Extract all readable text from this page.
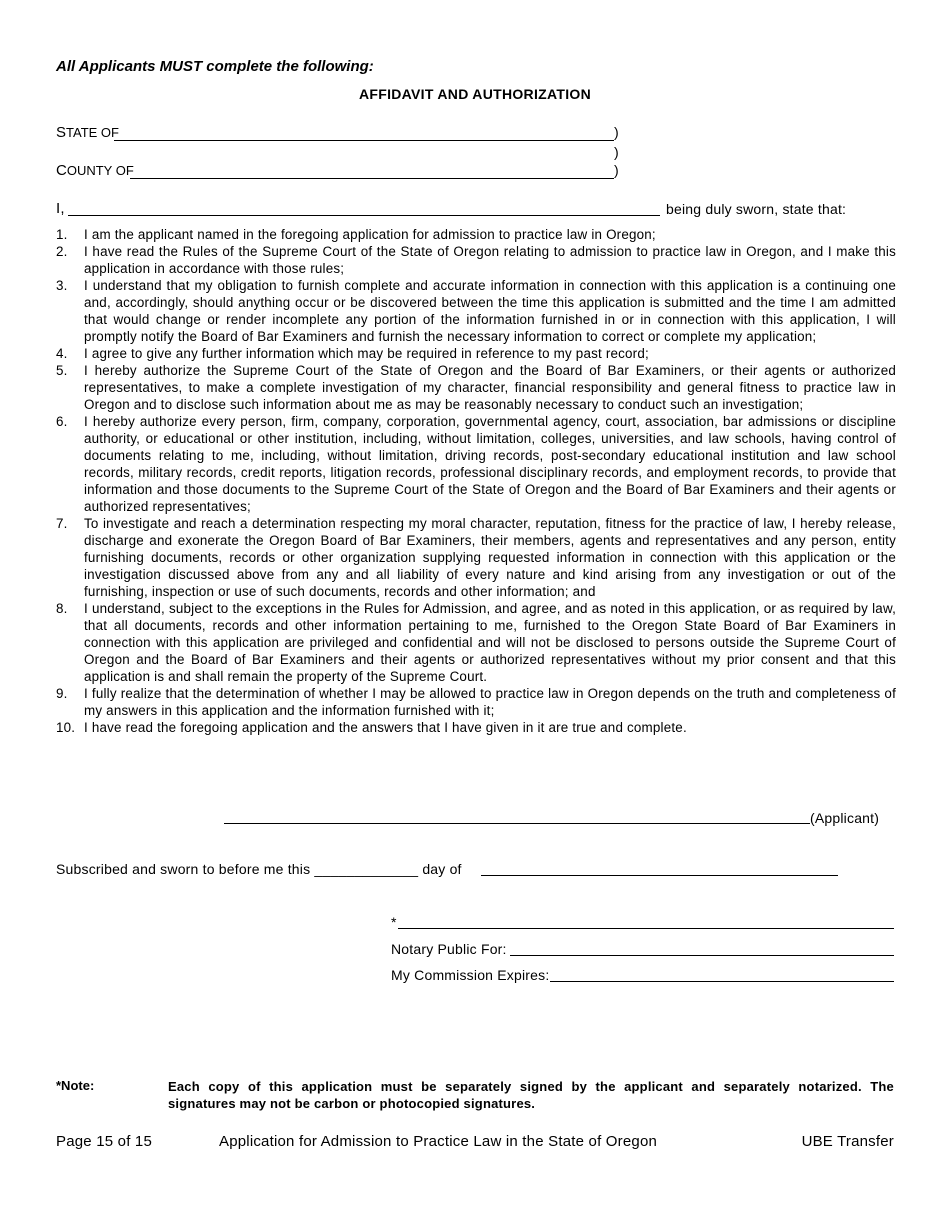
All Applicants MUST complete the following:
AFFIDAVIT AND AUTHORIZATION
STATE OF	)
)
COUNTY OF	)
I,	being duly sworn, state that:
1. I am the applicant named in the foregoing application for admission to practice law in Oregon;
2. I have read the Rules of the Supreme Court of the State of Oregon relating to admission to practice law in Oregon, and I make this application in accordance with those rules;
3. I understand that my obligation to furnish complete and accurate information in connection with this application is a continuing one and, accordingly, should anything occur or be discovered between the time this application is submitted and the time I am admitted that would change or render incomplete any portion of the information furnished in or in connection with this application, I will promptly notify the Board of Bar Examiners and furnish the necessary information to correct or complete my application;
4. I agree to give any further information which may be required in reference to my past record;
5. I hereby authorize the Supreme Court of the State of Oregon and the Board of Bar Examiners, or their agents or authorized representatives, to make a complete investigation of my character, financial responsibility and general fitness to practice law in Oregon and to disclose such information about me as may be reasonably necessary to conduct such an investigation;
6. I hereby authorize every person, firm, company, corporation, governmental agency, court, association, bar admissions or discipline authority, or educational or other institution, including, without limitation, colleges, universities, and law schools, having control of documents relating to me, including, without limitation, driving records, post-secondary educational institution and law school records, military records, credit reports, litigation records, professional disciplinary records, and employment records, to provide that information and those documents to the Supreme Court of the State of Oregon and the Board of Bar Examiners and their agents or authorized representatives;
7. To investigate and reach a determination respecting my moral character, reputation, fitness for the practice of law, I hereby release, discharge and exonerate the Oregon Board of Bar Examiners, their members, agents and representatives and any person, entity furnishing documents, records or other organization supplying requested information in connection with this application or the investigation discussed above from any and all liability of every nature and kind arising from any investigation or out of the furnishing, inspection or use of such documents, records and other information; and
8. I understand, subject to the exceptions in the Rules for Admission, and agree, and as noted in this application, or as required by law, that all documents, records and other information pertaining to me, furnished to the Oregon State Board of Bar Examiners in connection with this application are privileged and confidential and will not be disclosed to persons outside the Supreme Court of Oregon and the Board of Bar Examiners and their agents or authorized representatives without my prior consent and that this application is and shall remain the property of the Supreme Court.
9. I fully realize that the determination of whether I may be allowed to practice law in Oregon depends on the truth and completeness of my answers in this application and the information furnished with it;
10. I have read the foregoing application and the answers that I have given in it are true and complete.
(Applicant)
Subscribed and sworn to before me this _____________ day of
*
Notary Public For:
My Commission Expires:
*Note:	Each copy of this application must be separately signed by the applicant and separately notarized. The signatures may not be carbon or photocopied signatures.
Page 15 of 15	Application for Admission to Practice Law in the State of Oregon	UBE Transfer
